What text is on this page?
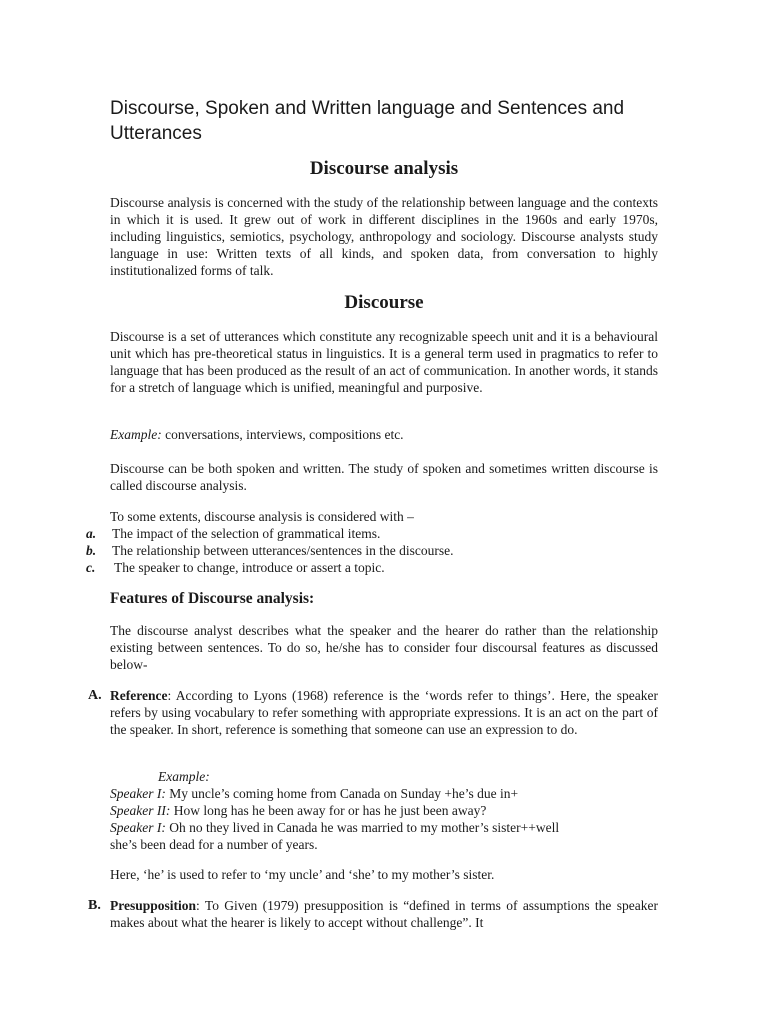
Discourse, Spoken and Written language and Sentences and Utterances
Discourse analysis

Discourse analysis is concerned with the study of the relationship between language and the contexts in which it is used. It grew out of work in different disciplines in the 1960s and early 1970s, including linguistics, semiotics, psychology, anthropology and sociology. Discourse analysts study language in use: Written texts of all kinds, and spoken data, from conversation to highly institutionalized forms of talk.

Discourse

Discourse is a set of utterances which constitute any recognizable speech unit and it is a behavioural unit which has pre-theoretical status in linguistics. It is a general term used in pragmatics to refer to language that has been produced as the result of an act of communication. In another words, it stands for a stretch of language which is unified, meaningful and purposive.

Example: conversations, interviews, compositions etc.

Discourse can be both spoken and written. The study of spoken and sometimes written discourse is called discourse analysis.

To some extents, discourse analysis is considered with –
a. The impact of the selection of grammatical items.
b. The relationship between utterances/sentences in the discourse.
c. The speaker to change, introduce or assert a topic.
Features of Discourse analysis:

The discourse analyst describes what the speaker and the hearer do rather than the relationship existing between sentences. To do so, he/she has to consider four discoursal features as discussed below-

A. Reference: According to Lyons (1968) reference is the ‘words refer to things’. Here, the speaker refers by using vocabulary to refer something with appropriate expressions. It is an act on the part of the speaker. In short, reference is something that someone can use an expression to do.

Example:
Speaker I: My uncle’s coming home from Canada on Sunday +he’s due in+
Speaker II: How long has he been away for or has he just been away?
Speaker I: Oh no they lived in Canada he was married to my mother’s sister++well
she’s been dead for a number of years.
Here, ‘he’ is used to refer to ‘my uncle’ and ‘she’ to my mother’s sister.
B. Presupposition: To Given (1979) presupposition is “defined in terms of assumptions the speaker makes about what the hearer is likely to accept without challenge”. It
